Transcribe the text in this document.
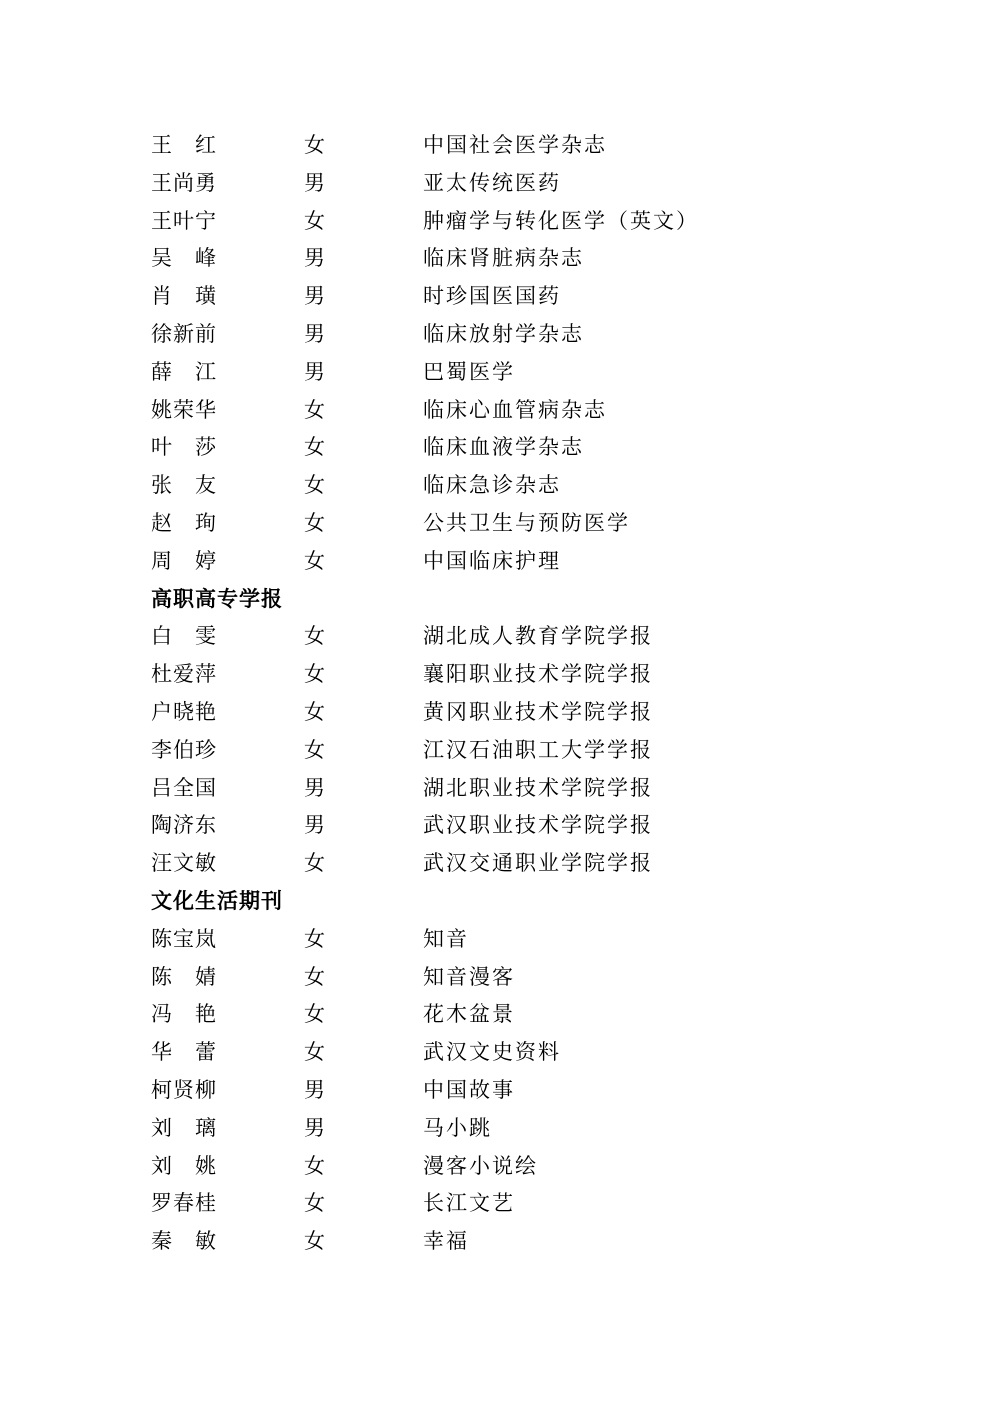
王　红	女	中国社会医学杂志
王尚勇	男	亚太传统医药
王叶宁	女	肿瘤学与转化医学（英文）
吴　峰	男	临床肾脏病杂志
肖　璜	男	时珍国医国药
徐新前	男	临床放射学杂志
薛　江	男	巴蜀医学
姚荣华	女	临床心血管病杂志
叶　莎	女	临床血液学杂志
张　友	女	临床急诊杂志
赵　珣	女	公共卫生与预防医学
周　婷	女	中国临床护理
高职高专学报
白　雯	女	湖北成人教育学院学报
杜爱萍	女	襄阳职业技术学院学报
户晓艳	女	黄冈职业技术学院学报
李伯珍	女	江汉石油职工大学学报
吕全国	男	湖北职业技术学院学报
陶济东	男	武汉职业技术学院学报
汪文敏	女	武汉交通职业学院学报
文化生活期刊
陈宝岚	女	知音
陈　婧	女	知音漫客
冯　艳	女	花木盆景
华　蕾	女	武汉文史资料
柯贤柳	男	中国故事
刘　璃	男	马小跳
刘　姚	女	漫客小说绘
罗春桂	女	长江文艺
秦　敏	女	幸福
